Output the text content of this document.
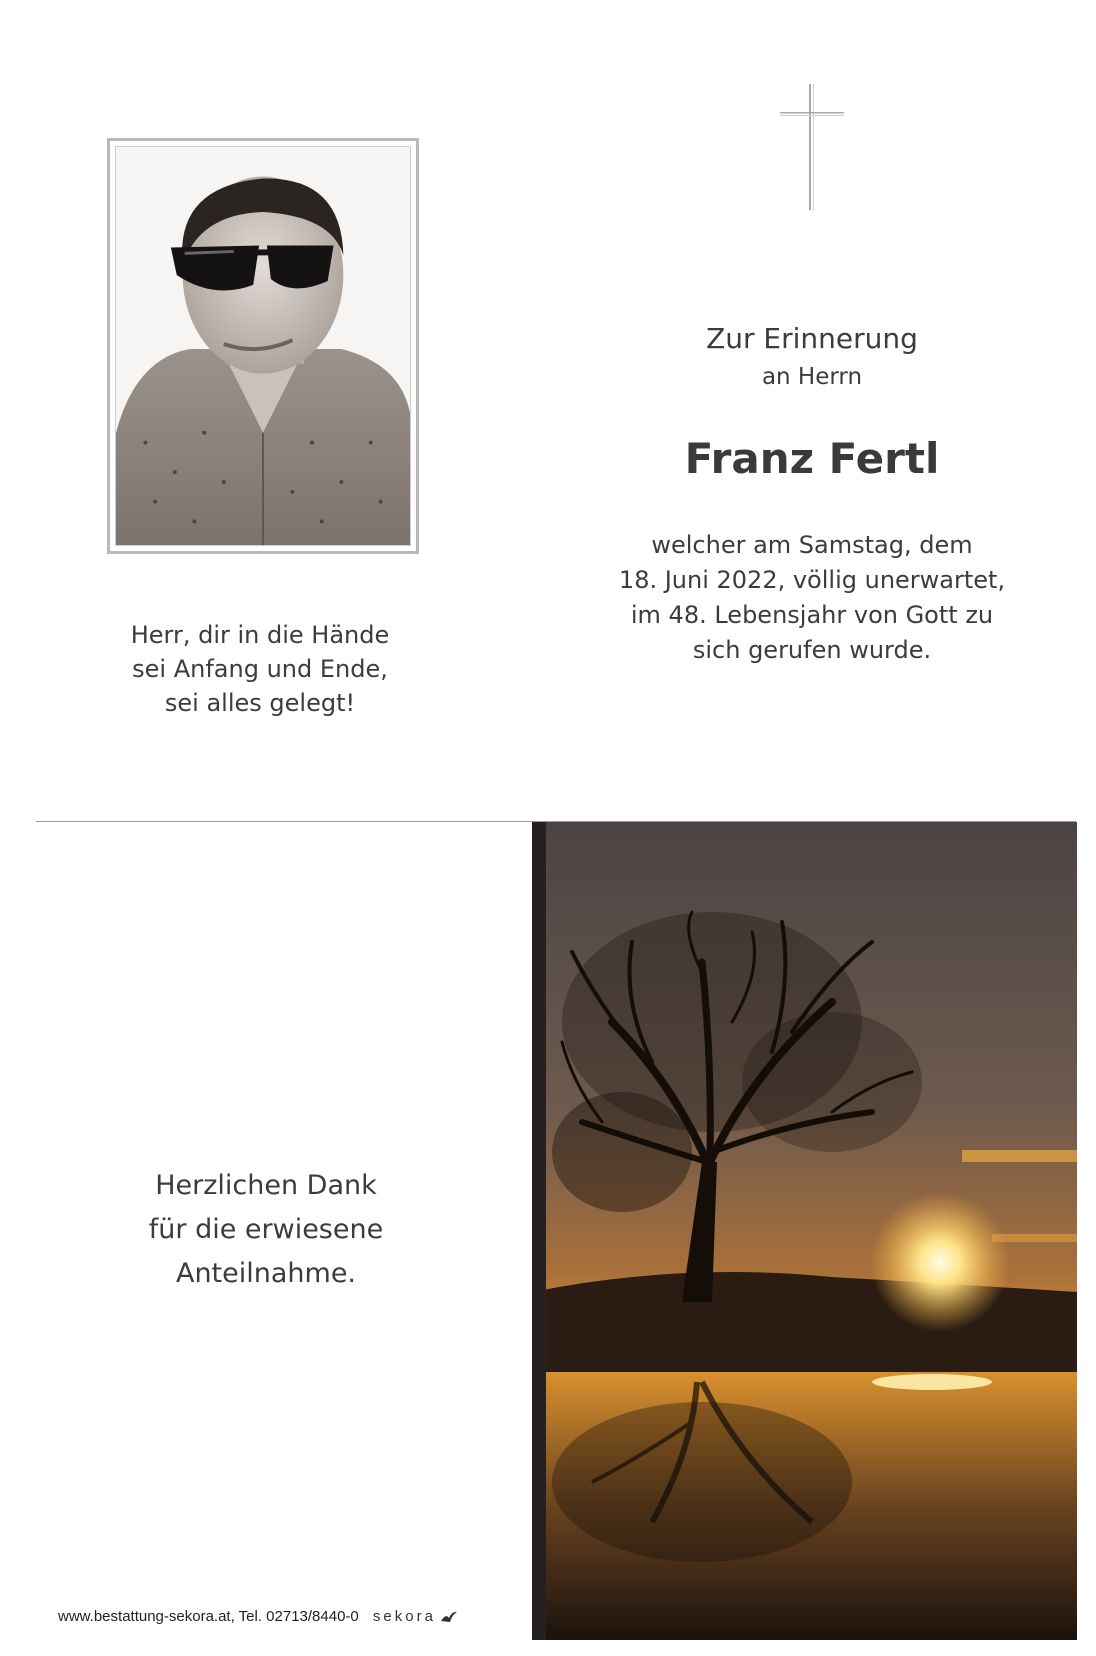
Herr, dir in die Hände
sei Anfang und Ende,
sei alles gelegt!
Zur Erinnerung
an Herrn
Franz Fertl
welcher am Samstag, dem
18. Juni 2022, völlig unerwartet,
im 48. Lebensjahr von Gott zu
sich gerufen wurde.
Herzlichen Dank
für die erwiesene
Anteilnahme.
www.bestattung-sekora.at, Tel. 02713/8440-0 sekora
